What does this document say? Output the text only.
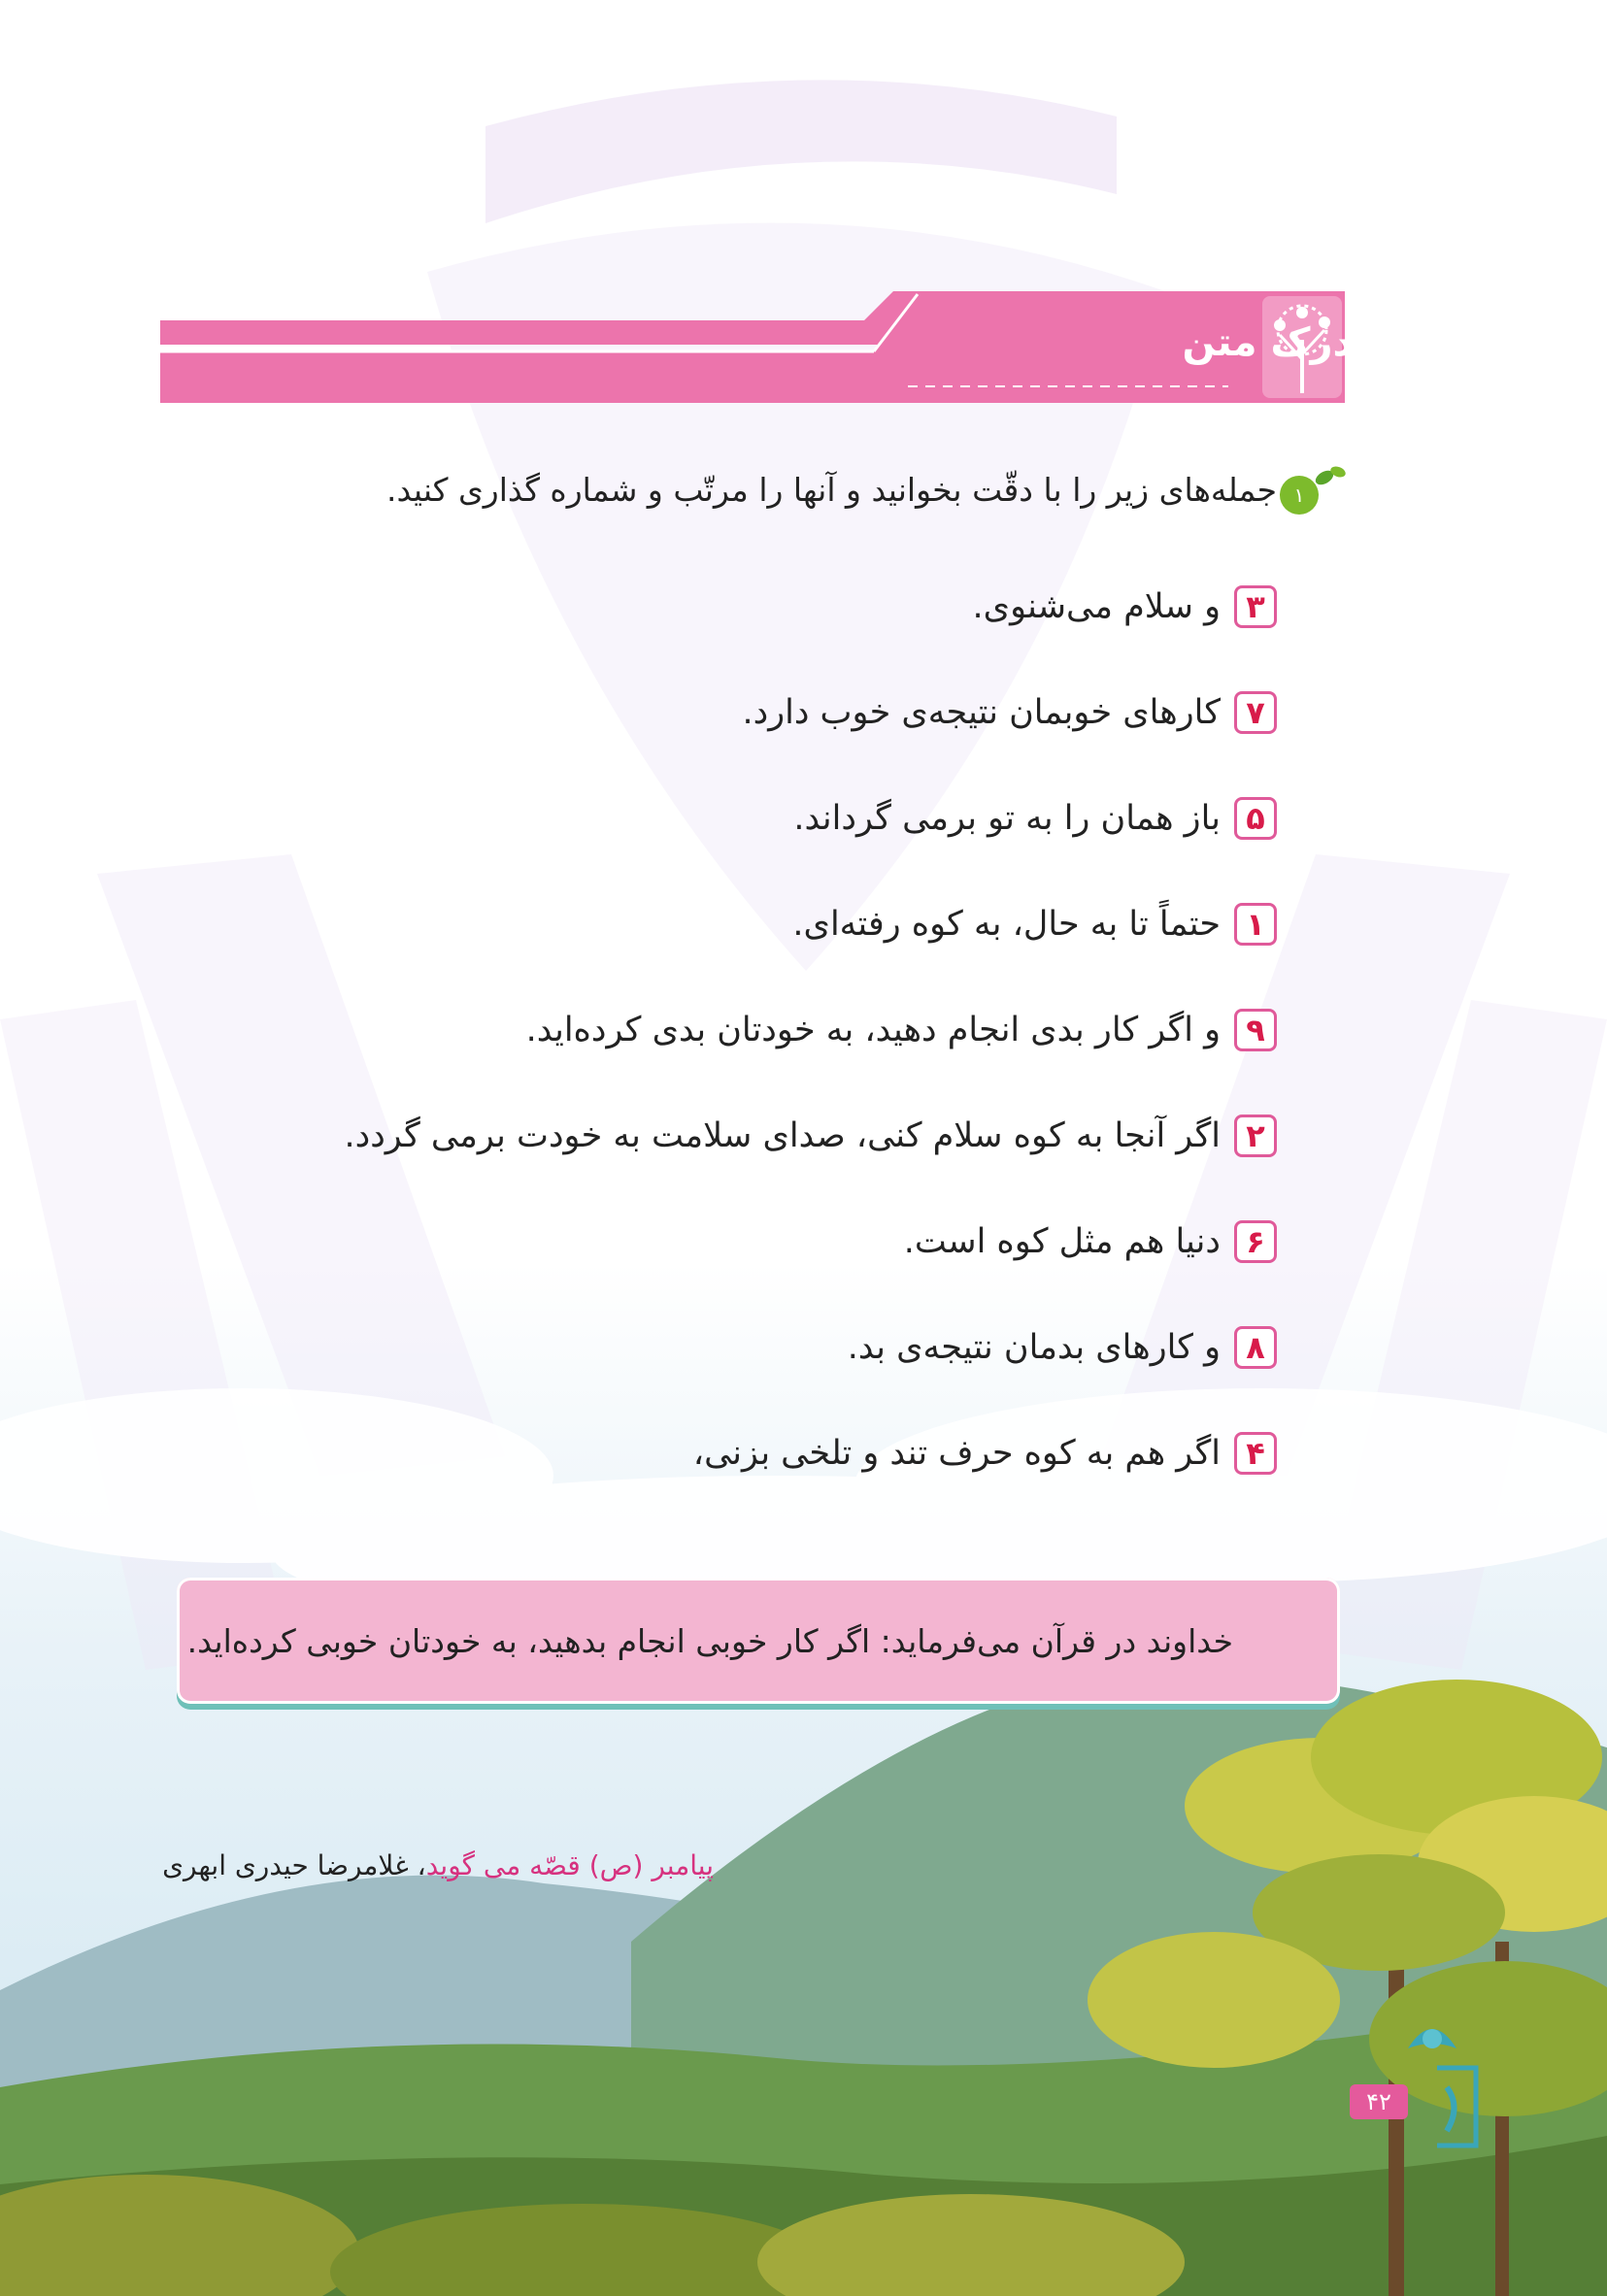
درک متن
۱
جمله‌های زیر را با دقّت بخوانید و آنها را مرتّب و شماره گذاری کنید.
۳
و سلام می‌شنوی.
۷
کارهای خوبمان نتیجه‌ی خوب دارد.
۵
باز همان را به تو برمی گرداند.
۱
حتماً تا به حال، به کوه رفته‌ای.
۹
و اگر کار بدی انجام دهید، به خودتان بدی کرده‌اید.
۲
اگر آنجا به کوه سلام کنی، صدای سلامت به خودت برمی گردد.
۶
دنیا هم مثل کوه است.
۸
و کارهای بدمان نتیجه‌ی بد.
۴
اگر هم به کوه حرف تند و تلخی بزنی،
خداوند در قرآن می‌فرماید: اگر کار خوبی انجام بدهید، به خودتان خوبی کرده‌اید.
پیامبر (ص) قصّه می گوید، غلامرضا حیدری ابهری
۴۲
